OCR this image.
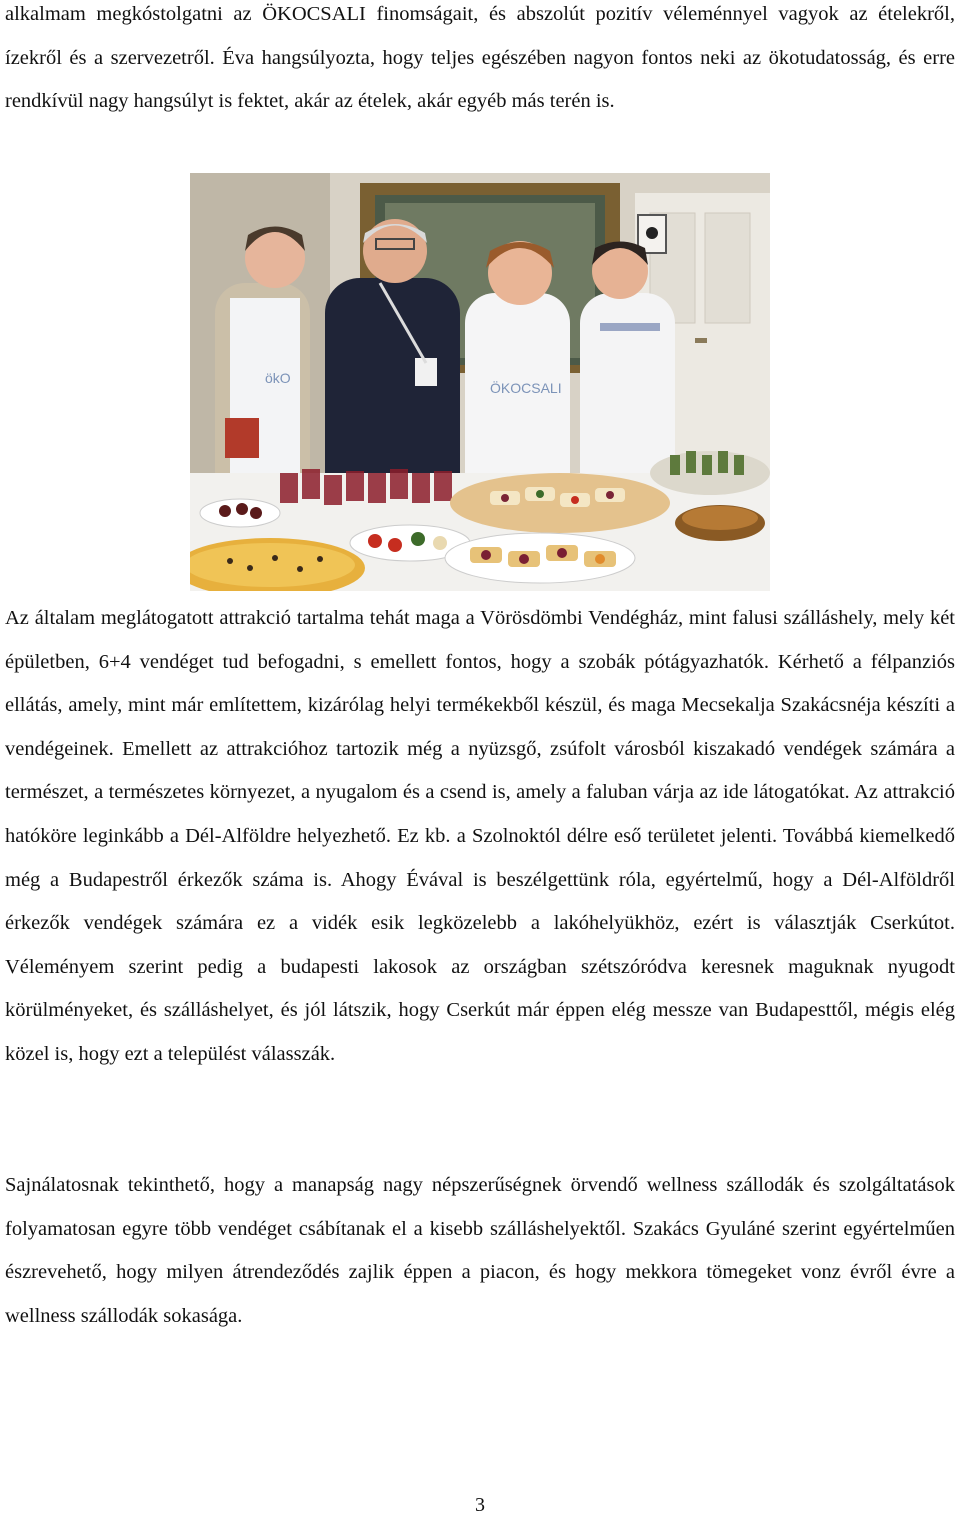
alkalmam megkóstolgatni az ÖKOCSALI finomságait, és abszolút pozitív véleménnyel vagyok az ételekről, ízekről és a szervezetről. Éva hangsúlyozta, hogy teljes egészében nagyon fontos neki az ökotudatosság, és erre rendkívül nagy hangsúlyt is fektet, akár az ételek, akár egyéb más terén is.

ökO
ÖKOCSALI

Az általam meglátogatott attrakció tartalma tehát maga a Vörösdömbi Vendégház, mint falusi szálláshely, mely két épületben, 6+4 vendéget tud befogadni, s emellett fontos, hogy a szobák pótágyazhatók. Kérhető a félpanziós ellátás, amely, mint már említettem, kizárólag helyi termékekből készül, és maga Mecsekalja Szakácsnéja készíti a vendégeinek. Emellett az attrakcióhoz tartozik még a nyüzsgő, zsúfolt városból kiszakadó vendégek számára a természet, a természetes környezet, a nyugalom és a csend is, amely a faluban várja az ide látogatókat. Az attrakció hatóköre leginkább a Dél-Alföldre helyezhető. Ez kb. a Szolnoktól délre eső területet jelenti. Továbbá kiemelkedő még a Budapestről érkezők száma is. Ahogy Évával is beszélgettünk róla, egyértelmű, hogy a Dél-Alföldről érkezők vendégek számára ez a vidék esik legközelebb a lakóhelyükhöz, ezért is választják Cserkútot. Véleményem szerint pedig a budapesti lakosok az országban szétszóródva keresnek maguknak nyugodt körülményeket, és szálláshelyet, és jól látszik, hogy Cserkút már éppen elég messze van Budapesttől, mégis elég közel is, hogy ezt a települést válasszák.

Sajnálatosnak tekinthető, hogy a manapság nagy népszerűségnek örvendő wellness szállodák és szolgáltatások folyamatosan egyre több vendéget csábítanak el a kisebb szálláshelyektől. Szakács Gyuláné szerint egyértelműen észrevehető, hogy milyen átrendeződés zajlik éppen a piacon, és hogy mekkora tömegeket vonz évről évre a wellness szállodák sokasága.

3
